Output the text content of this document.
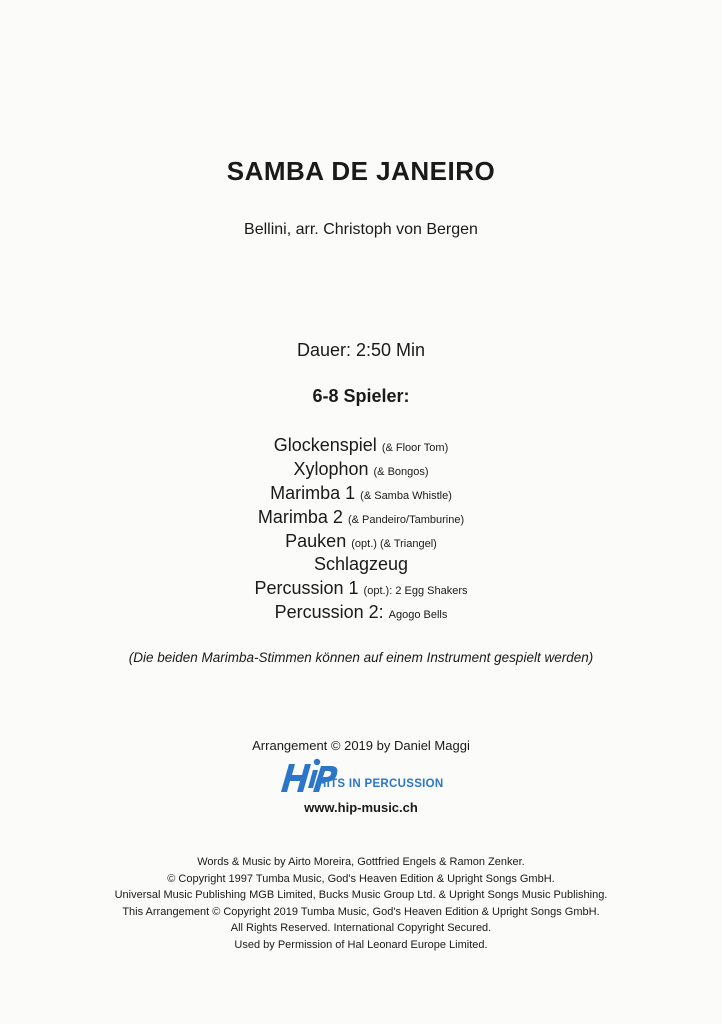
SAMBA DE JANEIRO
Bellini, arr. Christoph von Bergen
Dauer: 2:50 Min
6-8 Spieler:
Glockenspiel (& Floor Tom)
Xylophon (& Bongos)
Marimba 1 (& Samba Whistle)
Marimba 2 (& Pandeiro/Tamburine)
Pauken (opt.) (& Triangel)
Schlagzeug
Percussion 1 (opt.): 2 Egg Shakers
Percussion 2: Agogo Bells
(Die beiden Marimba-Stimmen können auf einem Instrument gespielt werden)
Arrangement © 2019 by Daniel Maggi
HITS IN PERCUSSION
www.hip-music.ch
Words & Music by Airto Moreira, Gottfried Engels & Ramon Zenker.
© Copyright 1997 Tumba Music, God's Heaven Edition & Upright Songs GmbH.
Universal Music Publishing MGB Limited, Bucks Music Group Ltd. & Upright Songs Music Publishing.
This Arrangement © Copyright 2019 Tumba Music, God's Heaven Edition & Upright Songs GmbH.
All Rights Reserved. International Copyright Secured.
Used by Permission of Hal Leonard Europe Limited.
